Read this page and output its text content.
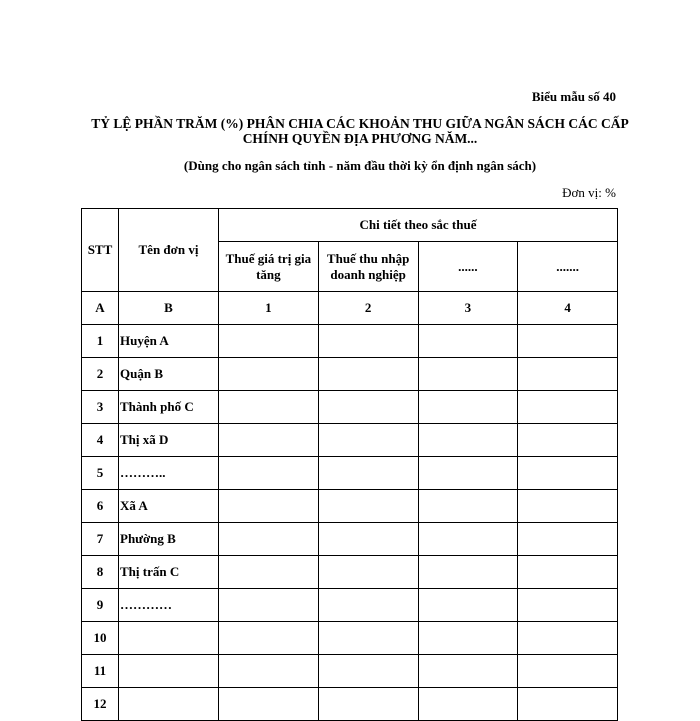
Biểu mẫu số 40
TỶ LỆ PHẦN TRĂM (%) PHÂN CHIA CÁC KHOẢN THU GIỮA NGÂN SÁCH CÁC CẤP CHÍNH QUYỀN ĐỊA PHƯƠNG NĂM...
(Dùng cho ngân sách tỉnh - năm đầu thời kỳ ổn định ngân sách)
Đơn vị: %
STT	Tên đơn vị	Chi tiết theo sắc thuế			
		Thuế giá trị gia tăng	Thuế thu nhập doanh nghiệp	......	.......
A	B	1	2	3	4
1	Huyện A				
2	Quận B				
3	Thành phố C				
4	Thị xã D				
5	………..				
6	Xã A				
7	Phường B				
8	Thị trấn C				
9	…………				
10					
11					
12					
